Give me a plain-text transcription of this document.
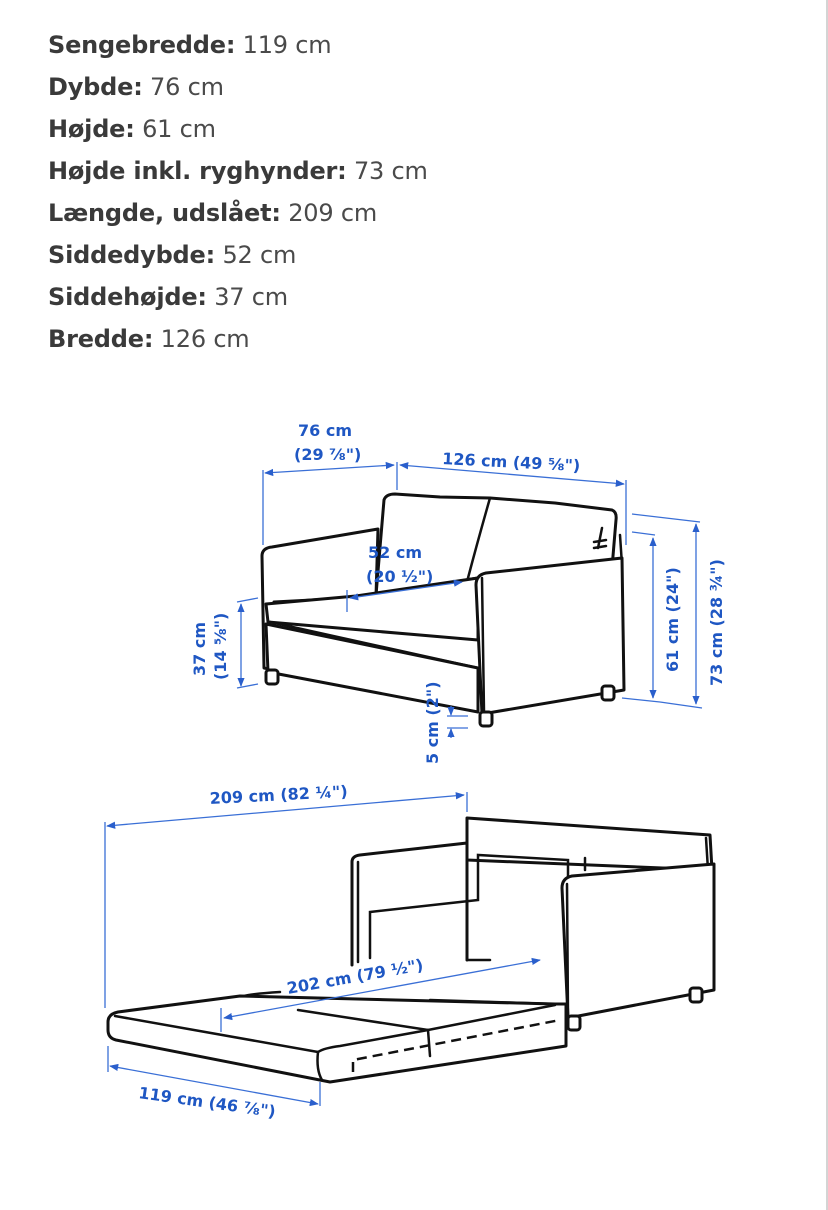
Sengebredde: 119 cm
Dybde: 76 cm
Højde: 61 cm
Højde inkl. ryghynder: 73 cm
Længde, udslået: 209 cm
Siddedybde: 52 cm
Siddehøjde: 37 cm
Bredde: 126 cm
76 cm
(29 ⅞")	126 cm (49 ⅝")
52 cm
(20 ½")
37 cm (14 ⅝")
5 cm (2")
61 cm (24") 73 cm (28 ¾")
209 cm (82 ¼")
202 cm (79 ½")
119 cm (46 ⅞")
